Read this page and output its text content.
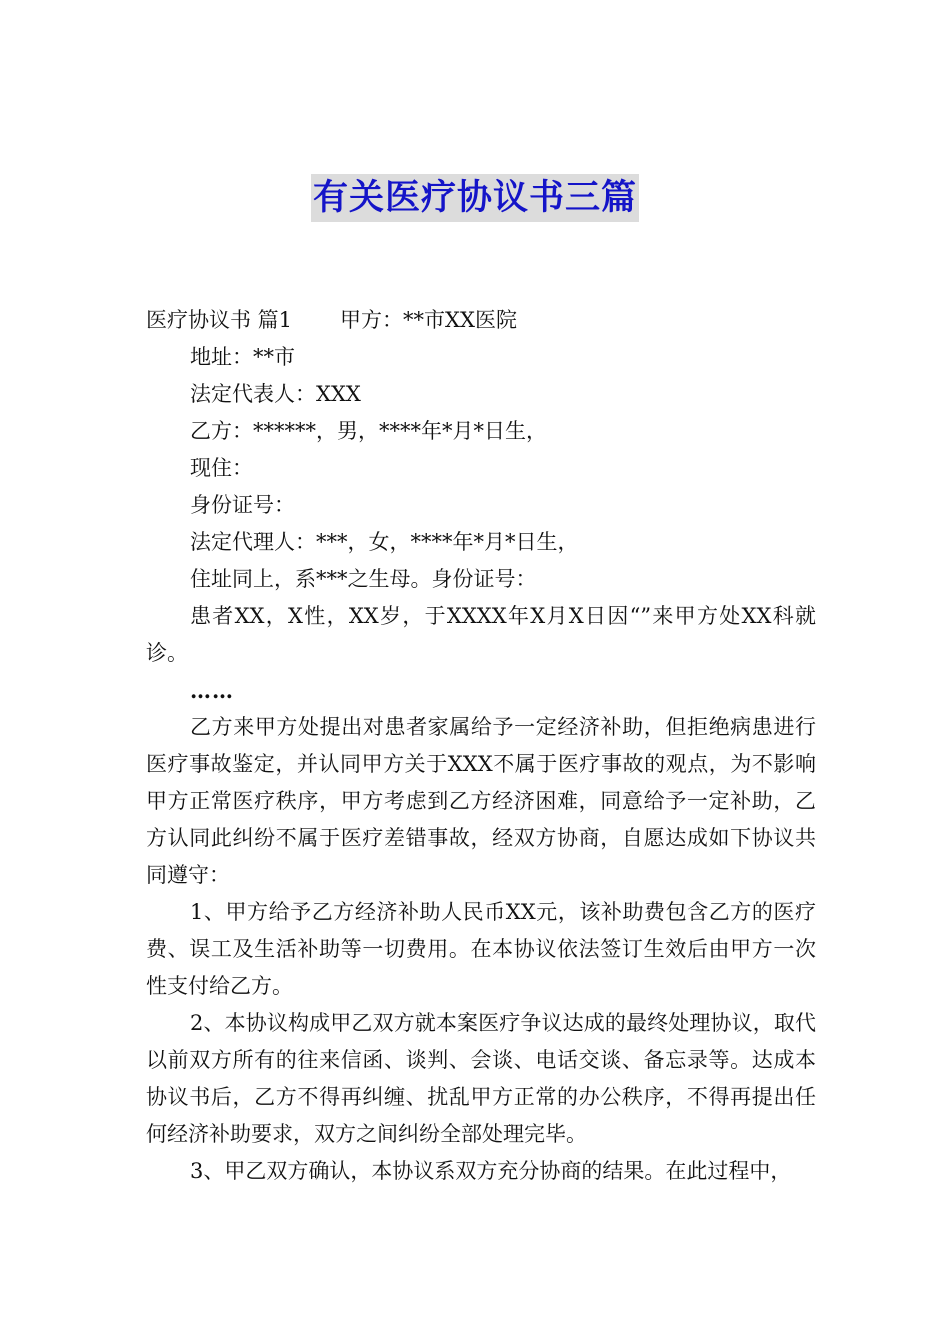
有关医疗协议书三篇
医疗协议书 篇1 甲方：**市XX医院
地址：**市
法定代表人：XXX
乙方：******，男，****年*月*日生，
现住：
身份证号：
法定代理人：***，女，****年*月*日生，
住址同上，系***之生母。身份证号：

患者XX，X性，XX岁，于XXXX年X月X日因“”来甲方处XX科就诊。

……

乙方来甲方处提出对患者家属给予一定经济补助，但拒绝病患进行医疗事故鉴定，并认同甲方关于XXX不属于医疗事故的观点，为不影响甲方正常医疗秩序，甲方考虑到乙方经济困难，同意给予一定补助，乙方认同此纠纷不属于医疗差错事故，经双方协商，自愿达成如下协议共同遵守：

1、甲方给予乙方经济补助人民币XX元，该补助费包含乙方的医疗费、误工及生活补助等一切费用。在本协议依法签订生效后由甲方一次性支付给乙方。

2、本协议构成甲乙双方就本案医疗争议达成的最终处理协议，取代以前双方所有的往来信函、谈判、会谈、电话交谈、备忘录等。达成本协议书后，乙方不得再纠缠、扰乱甲方正常的办公秩序，不得再提出任何经济补助要求，双方之间纠纷全部处理完毕。

3、甲乙双方确认，本协议系双方充分协商的结果。在此过程中，
